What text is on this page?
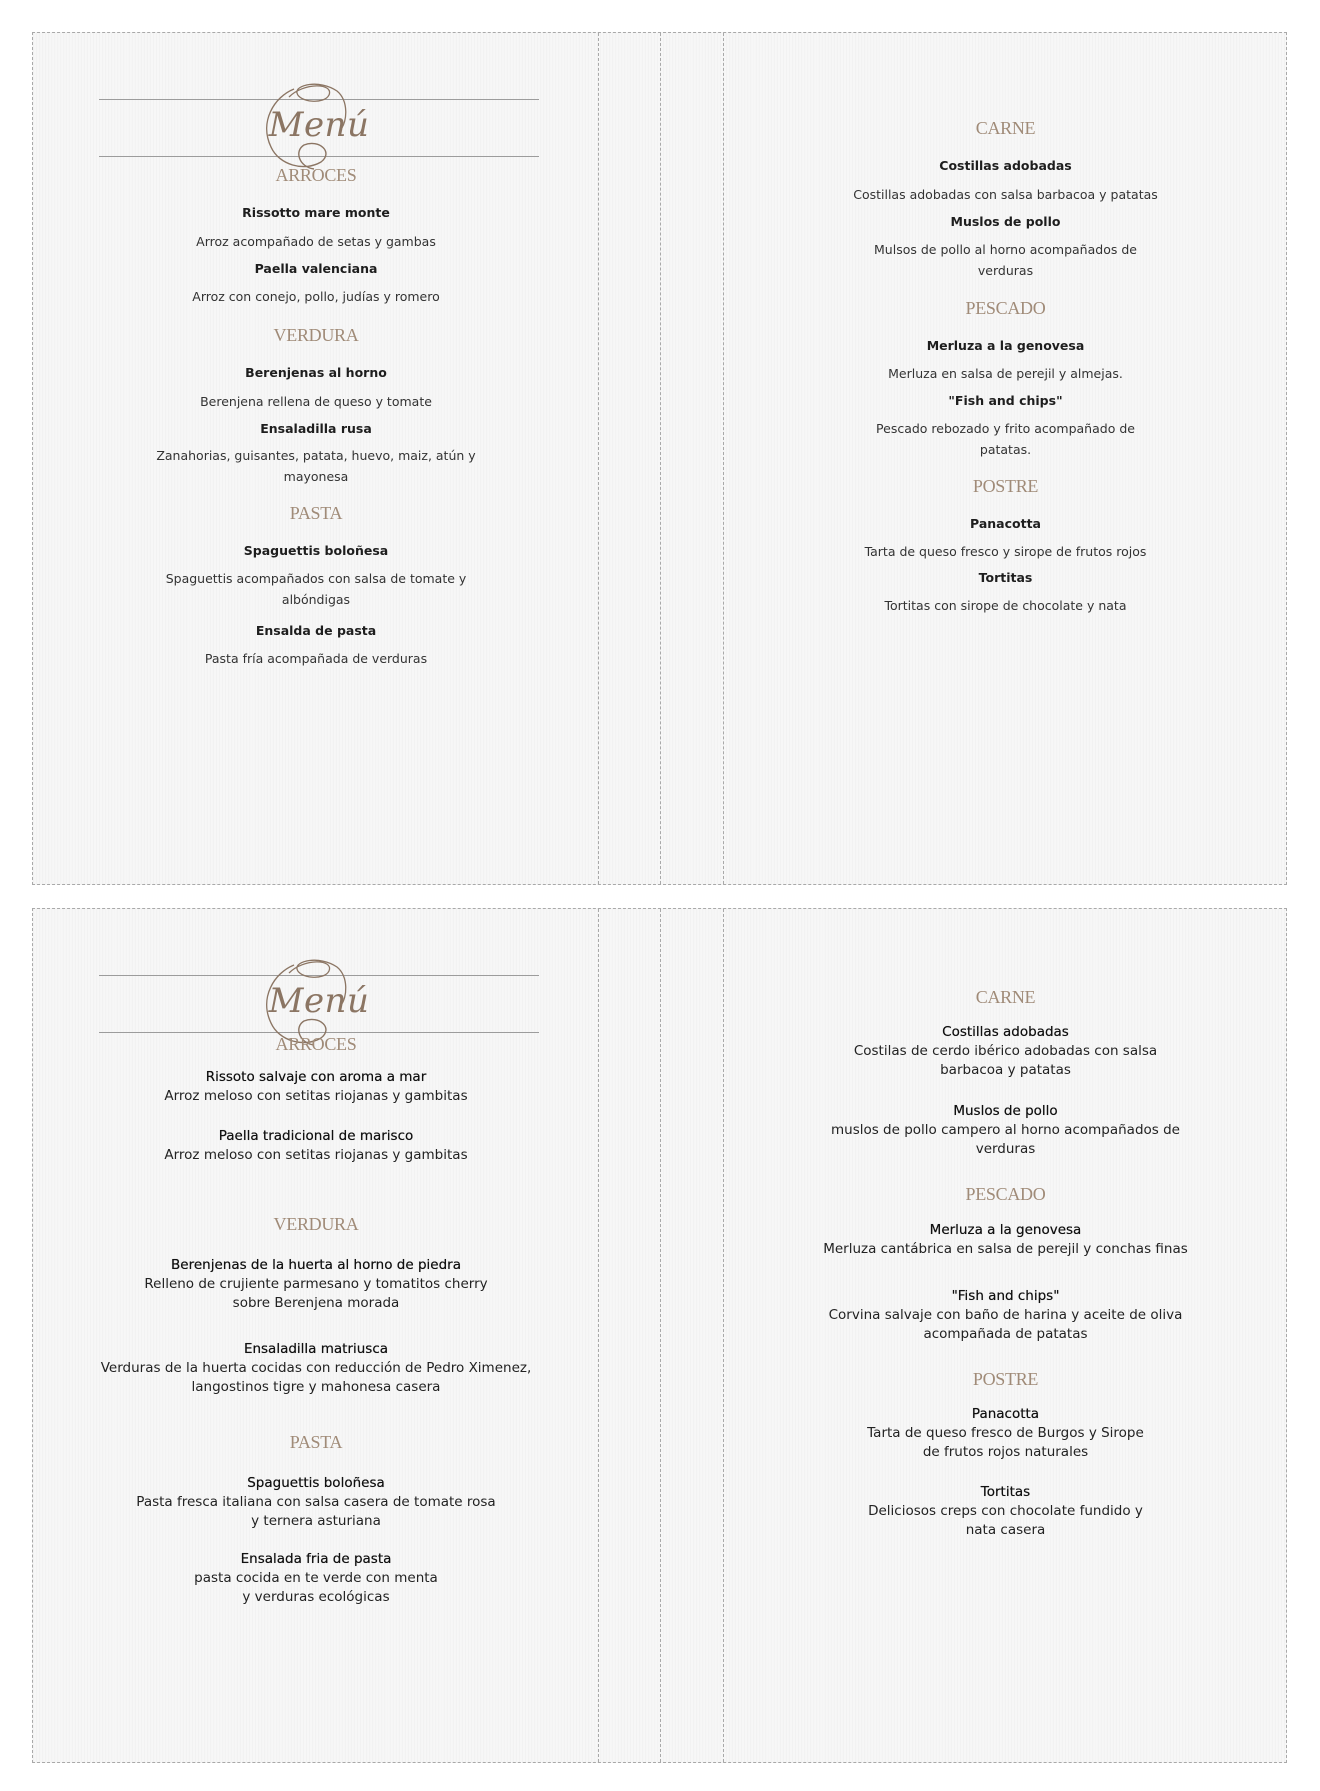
Menú
ARROCES
Rissotto mare monte
Arroz acompañado de setas y gambas
Paella valenciana
Arroz con conejo, pollo, judías y romero
VERDURA
Berenjenas al horno
Berenjena rellena de queso y tomate
Ensaladilla rusa
Zanahorias, guisantes, patata, huevo, maiz, atún y mayonesa
PASTA
Spaguettis boloñesa
Spaguettis acompañados con salsa de tomate y albóndigas
Ensalda de pasta
Pasta fría acompañada de verduras
CARNE
Costillas adobadas
Costillas adobadas con salsa barbacoa y patatas
Muslos de pollo
Mulsos de pollo al horno acompañados de verduras
PESCADO
Merluza a la genovesa
Merluza en salsa de perejil y almejas.
"Fish and chips"
Pescado rebozado y frito acompañado de patatas.
POSTRE
Panacotta
Tarta de queso fresco y sirope de frutos rojos
Tortitas
Tortitas con sirope de chocolate y nata
Menú
ARROCES
Rissoto salvaje con aroma a mar
Arroz meloso con setitas riojanas y gambitas
Paella tradicional de marisco
Arroz meloso con setitas riojanas y gambitas
VERDURA
Berenjenas de la huerta al horno de piedra
Relleno de crujiente parmesano y tomatitos cherry sobre Berenjena morada
Ensaladilla matriusca
Verduras de la huerta cocidas con reducción de Pedro Ximenez, langostinos tigre y mahonesa casera
PASTA
Spaguettis boloñesa
Pasta fresca italiana con salsa casera de tomate rosa y ternera asturiana
Ensalada fria de pasta
pasta cocida en te verde con menta y verduras ecológicas
CARNE
Costillas adobadas
Costilas de cerdo ibérico adobadas con salsa barbacoa y patatas
Muslos de pollo
muslos de pollo campero al horno acompañados de verduras
PESCADO
Merluza a la genovesa
Merluza cantábrica en salsa de perejil y conchas finas
"Fish and chips"
Corvina salvaje con baño de harina y aceite de oliva acompañada de patatas
POSTRE
Panacotta
Tarta de queso fresco de Burgos y Sirope de frutos rojos naturales
Tortitas
Deliciosos creps con chocolate fundido y nata casera
